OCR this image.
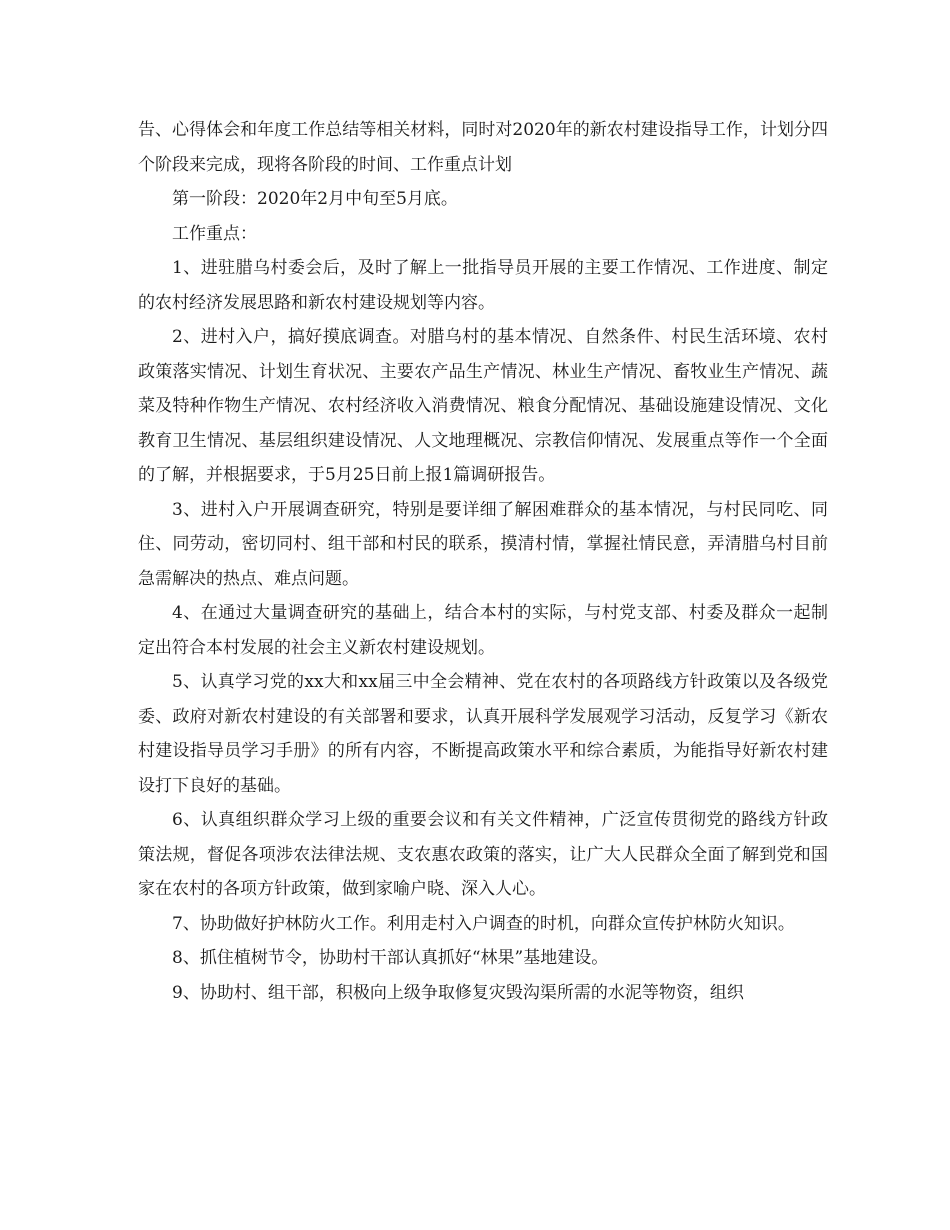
告、心得体会和年度工作总结等相关材料，同时对2020年的新农村建设指导工作，计划分四个阶段来完成，现将各阶段的时间、工作重点计划

第一阶段：2020年2月中旬至5月底。

工作重点：

1、进驻腊乌村委会后，及时了解上一批指导员开展的主要工作情况、工作进度、制定的农村经济发展思路和新农村建设规划等内容。

2、进村入户，搞好摸底调查。对腊乌村的基本情况、自然条件、村民生活环境、农村政策落实情况、计划生育状况、主要农产品生产情况、林业生产情况、畜牧业生产情况、蔬菜及特种作物生产情况、农村经济收入消费情况、粮食分配情况、基础设施建设情况、文化教育卫生情况、基层组织建设情况、人文地理概况、宗教信仰情况、发展重点等作一个全面的了解，并根据要求，于5月25日前上报1篇调研报告。

3、进村入户开展调查研究，特别是要详细了解困难群众的基本情况，与村民同吃、同住、同劳动，密切同村、组干部和村民的联系，摸清村情，掌握社情民意，弄清腊乌村目前急需解决的热点、难点问题。

4、在通过大量调查研究的基础上，结合本村的实际，与村党支部、村委及群众一起制定出符合本村发展的社会主义新农村建设规划。

5、认真学习党的xx大和xx届三中全会精神、党在农村的各项路线方针政策以及各级党委、政府对新农村建设的有关部署和要求，认真开展科学发展观学习活动，反复学习《新农村建设指导员学习手册》的所有内容，不断提高政策水平和综合素质，为能指导好新农村建设打下良好的基础。

6、认真组织群众学习上级的重要会议和有关文件精神，广泛宣传贯彻党的路线方针政策法规，督促各项涉农法律法规、支农惠农政策的落实，让广大人民群众全面了解到党和国家在农村的各项方针政策，做到家喻户晓、深入人心。

7、协助做好护林防火工作。利用走村入户调查的时机，向群众宣传护林防火知识。

8、抓住植树节令，协助村干部认真抓好“林果”基地建设。

9、协助村、组干部，积极向上级争取修复灾毁沟渠所需的水泥等物资，组织
